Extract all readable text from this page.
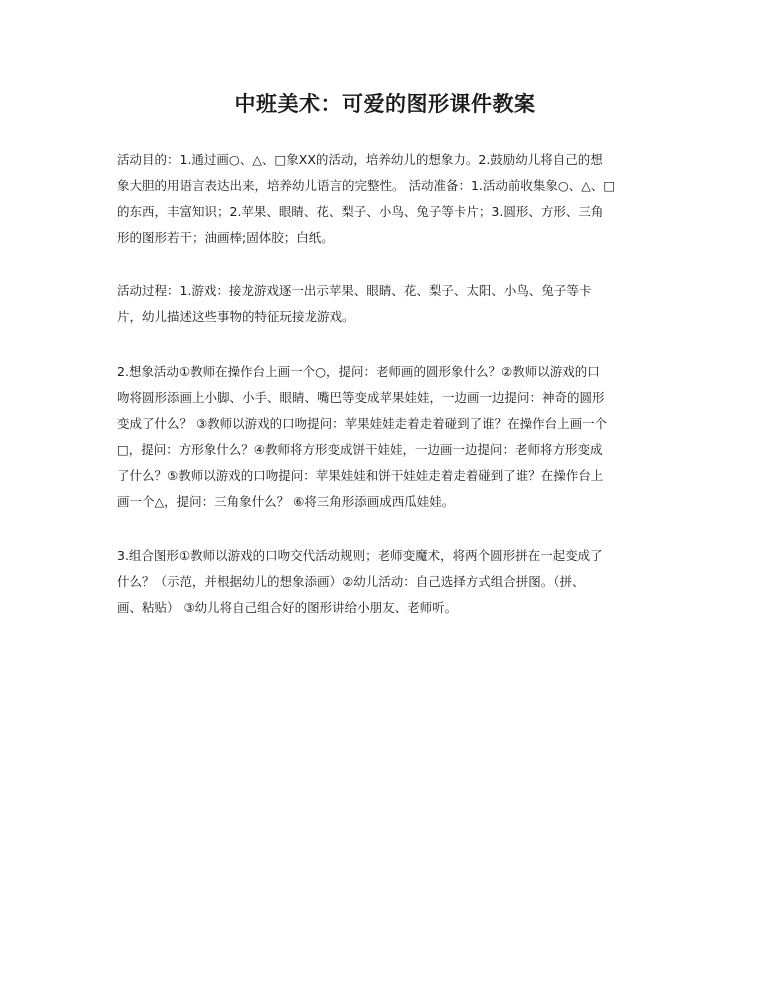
中班美术：可爱的图形课件教案
活动目的：1.通过画○、△、□象XX的活动，培养幼儿的想象力。2.鼓励幼儿将自己的想
象大胆的用语言表达出来，培养幼儿语言的完整性。 活动准备：1.活动前收集象○、△、□
的东西，丰富知识；2.苹果、眼睛、花、梨子、小鸟、兔子等卡片；3.圆形、方形、三角
形的图形若干；油画棒;固体胶；白纸。
活动过程：1.游戏：接龙游戏逐一出示苹果、眼睛、花、梨子、太阳、小鸟、兔子等卡
片，幼儿描述这些事物的特征玩接龙游戏。
2.想象活动①教师在操作台上画一个○，提问：老师画的圆形象什么？②教师以游戏的口
吻将圆形添画上小脚、小手、眼睛、嘴巴等变成苹果娃娃，一边画一边提问：神奇的圆形
变成了什么？ ③教师以游戏的口吻提问：苹果娃娃走着走着碰到了谁？在操作台上画一个
□，提问：方形象什么？④教师将方形变成饼干娃娃，一边画一边提问：老师将方形变成
了什么？⑤教师以游戏的口吻提问：苹果娃娃和饼干娃娃走着走着碰到了谁？在操作台上
画一个△，提问：三角象什么？ ⑥将三角形添画成西瓜娃娃。
3.组合图形①教师以游戏的口吻交代活动规则；老师变魔术，将两个圆形拼在一起变成了
什么？（示范，并根据幼儿的想象添画）②幼儿活动：自己选择方式组合拼图。（拼、
画、粘贴） ③幼儿将自己组合好的图形讲给小朋友、老师听。
